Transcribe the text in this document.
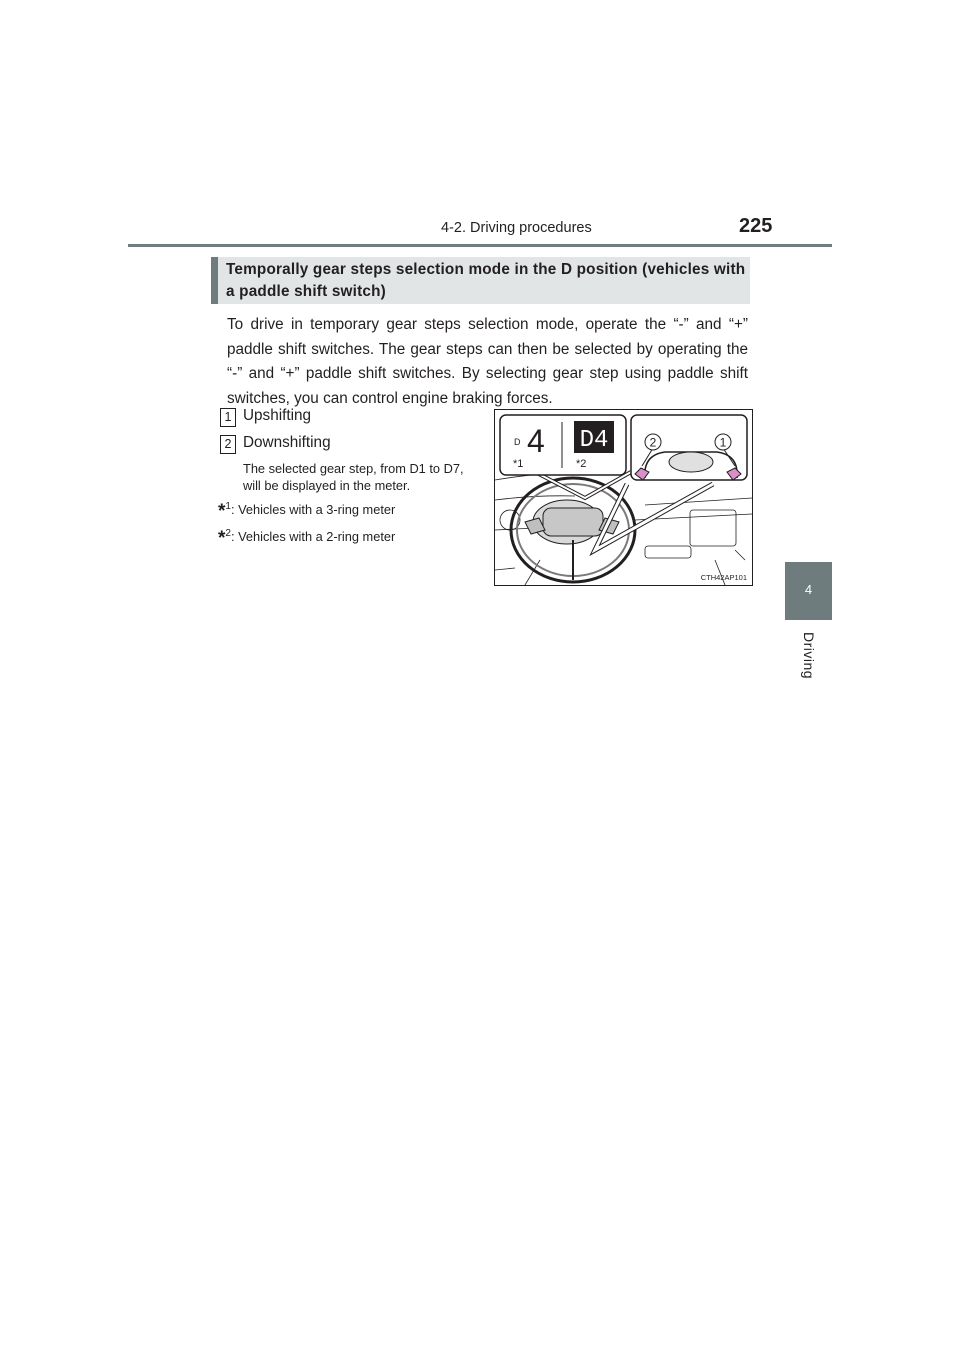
4-2. Driving procedures	225
4
Driving
Temporally gear steps selection mode in the D position (vehicles with a paddle shift switch)
To drive in temporary gear steps selection mode, operate the “-” and “+” paddle shift switches. The gear steps can then be selected by operating the “-” and “+” paddle shift switches. By selecting gear step using paddle shift switches, you can control engine braking forces.
1 Upshifting
2 Downshifting
The selected gear step, from D1 to D7, will be displayed in the meter.
*$^1$: Vehicles with a 3-ring meter
*$^2$: Vehicles with a 2-ring meter
D 4 D4
*1	*2
2	1
CTH42AP101
